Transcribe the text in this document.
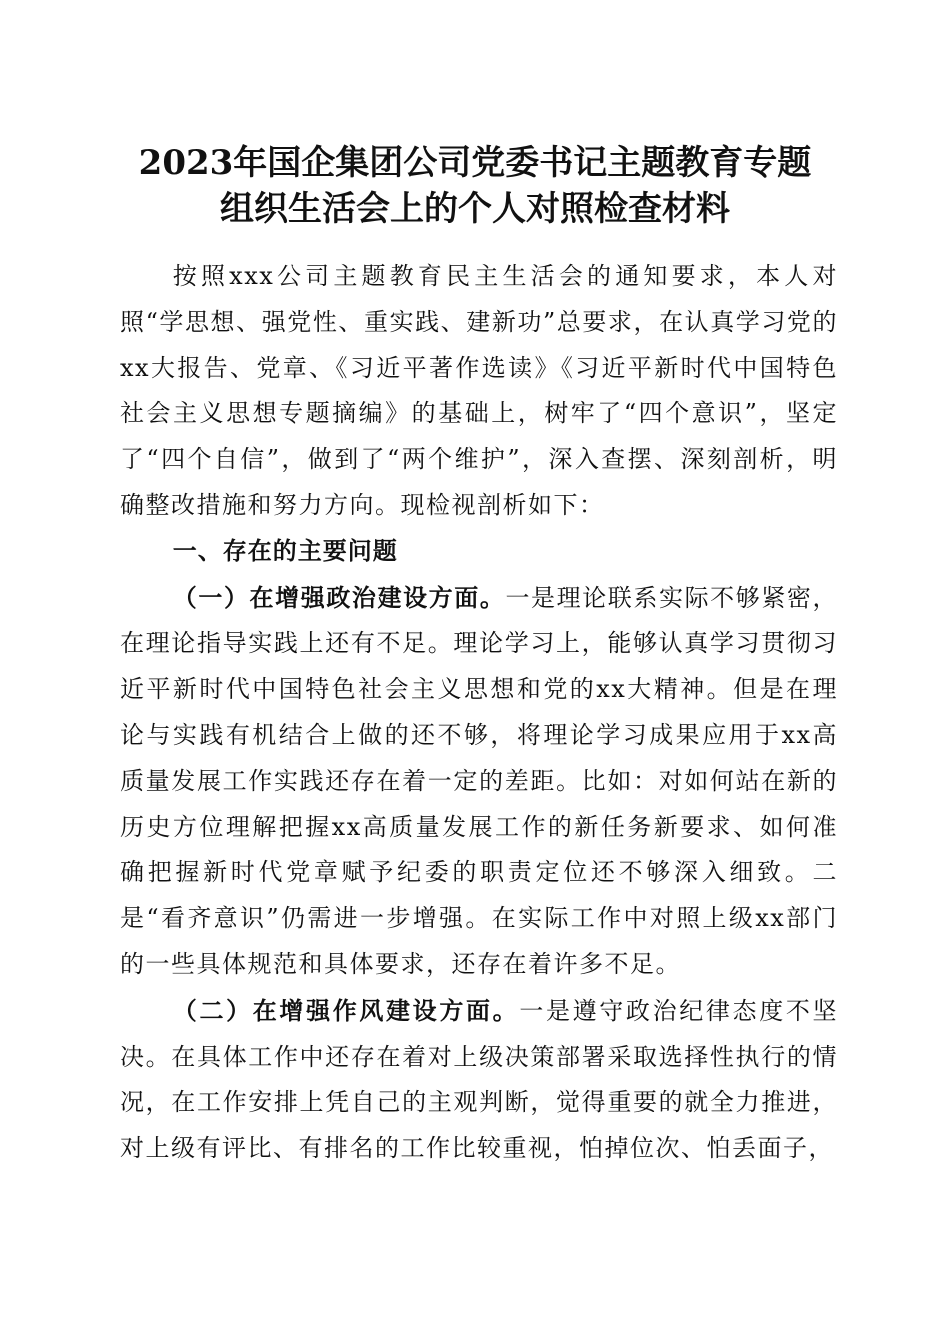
2023年国企集团公司党委书记主题教育专题
组织生活会上的个人对照检查材料

按照xxx公司主题教育民主生活会的通知要求，本人对照“学思想、强党性、重实践、建新功”总要求，在认真学习党的xx大报告、党章、《习近平著作选读》《习近平新时代中国特色社会主义思想专题摘编》的基础上，树牢了“四个意识”，坚定了“四个自信”，做到了“两个维护”，深入查摆、深刻剖析，明确整改措施和努力方向。现检视剖析如下：

一、存在的主要问题

（一）在增强政治建设方面。一是理论联系实际不够紧密，在理论指导实践上还有不足。理论学习上，能够认真学习贯彻习近平新时代中国特色社会主义思想和党的xx大精神。但是在理论与实践有机结合上做的还不够，将理论学习成果应用于xx高质量发展工作实践还存在着一定的差距。比如：对如何站在新的历史方位理解把握xx高质量发展工作的新任务新要求、如何准确把握新时代党章赋予纪委的职责定位还不够深入细致。二是“看齐意识”仍需进一步增强。在实际工作中对照上级xx部门的一些具体规范和具体要求，还存在着许多不足。

（二）在增强作风建设方面。一是遵守政治纪律态度不坚决。在具体工作中还存在着对上级决策部署采取选择性执行的情况，在工作安排上凭自己的主观判断，觉得重要的就全力推进，对上级有评比、有排名的工作比较重视，怕掉位次、怕丢面子，
